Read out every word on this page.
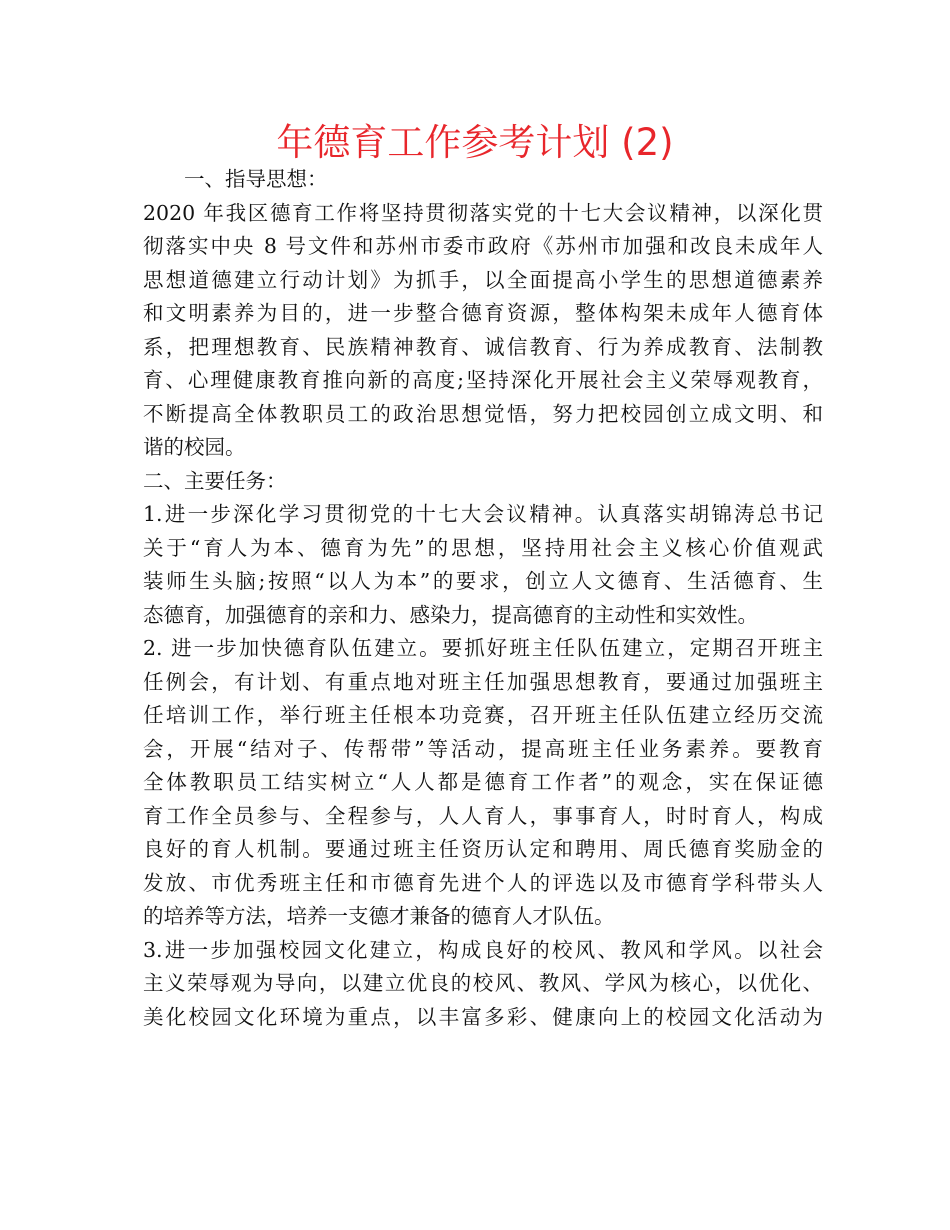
年德育工作参考计划 (2)
一、指导思想：
2020 年我区德育工作将坚持贯彻落实党的十七大会议精神，以深化贯
彻落实中央 8 号文件和苏州市委市政府《苏州市加强和改良未成年人
思想道德建立行动计划》为抓手，以全面提高小学生的思想道德素养
和文明素养为目的，进一步整合德育资源，整体构架未成年人德育体
系，把理想教育、民族精神教育、诚信教育、行为养成教育、法制教
育、心理健康教育推向新的高度;坚持深化开展社会主义荣辱观教育，
不断提高全体教职员工的政治思想觉悟，努力把校园创立成文明、和
谐的校园。
二、主要任务：
1.进一步深化学习贯彻党的十七大会议精神。认真落实胡锦涛总书记
关于“育人为本、德育为先”的思想，坚持用社会主义核心价值观武
装师生头脑;按照“以人为本”的要求，创立人文德育、生活德育、生
态德育，加强德育的亲和力、感染力，提高德育的主动性和实效性。
2. 进一步加快德育队伍建立。要抓好班主任队伍建立，定期召开班主
任例会，有计划、有重点地对班主任加强思想教育，要通过加强班主
任培训工作，举行班主任根本功竞赛，召开班主任队伍建立经历交流
会，开展“结对子、传帮带”等活动，提高班主任业务素养。要教育
全体教职员工结实树立“人人都是德育工作者”的观念，实在保证德
育工作全员参与、全程参与，人人育人，事事育人，时时育人，构成
良好的育人机制。要通过班主任资历认定和聘用、周氏德育奖励金的
发放、市优秀班主任和市德育先进个人的评选以及市德育学科带头人
的培养等方法，培养一支德才兼备的德育人才队伍。
3.进一步加强校园文化建立，构成良好的校风、教风和学风。以社会
主义荣辱观为导向，以建立优良的校风、教风、学风为核心，以优化、
美化校园文化环境为重点，以丰富多彩、健康向上的校园文化活动为
